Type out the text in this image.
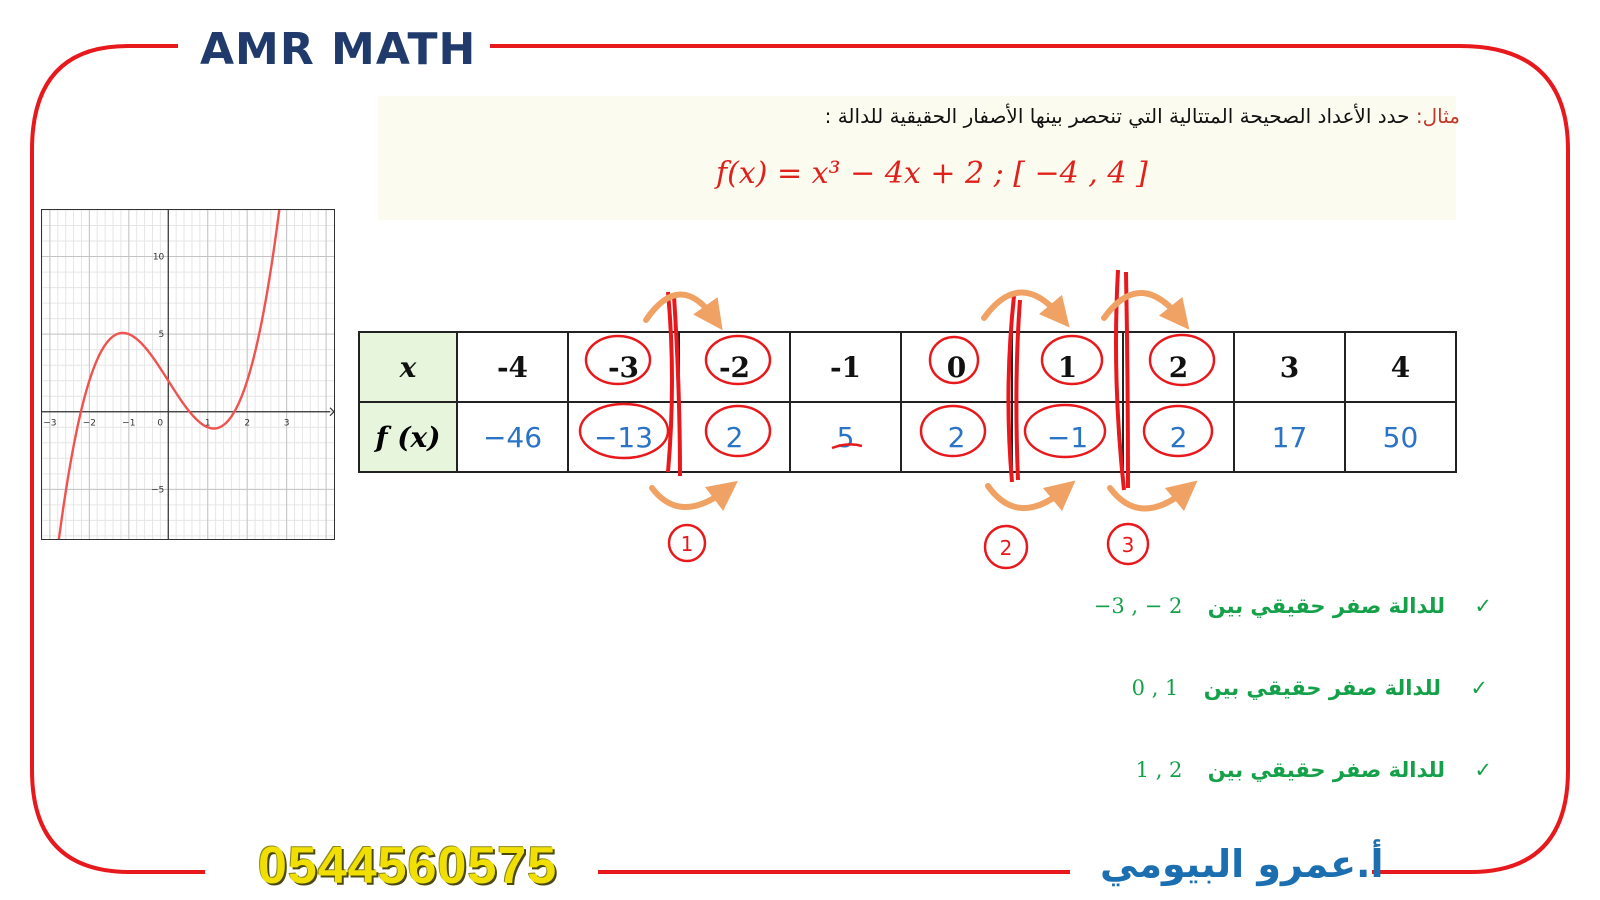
AMR MATH
مثال: حدد الأعداد الصحيحة المتتالية التي تنحصر بينها الأصفار الحقيقية للدالة :
f(x) = x³ − 4x + 2 ; [ −4 , 4 ]
−3	−2	−1 0	1	2	3
10
5
−5
x	-4	-3	-2	-1	0	1	2	3	4
f (x)	−46	−13	2	5	2	−1	2	17	50
1	2	3
✓ للدالة صفر حقيقي بين −3 , − 2
✓ للدالة صفر حقيقي بين 0 , 1
✓ للدالة صفر حقيقي بين 1 , 2
0544560575	أ.عمرو البيومي
